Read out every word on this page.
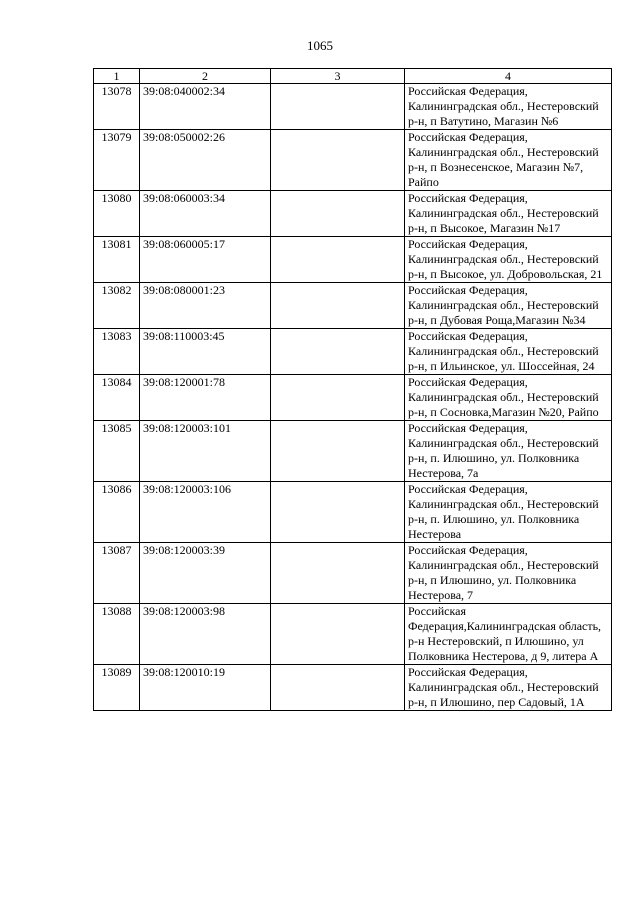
1065
1	2	3	4
13078	39:08:040002:34		Российская Федерация, Калининградская обл., Нестеровский р-н, п Ватутино, Магазин №6
13079	39:08:050002:26		Российская Федерация, Калининградская обл., Нестеровский р-н, п Вознесенское, Магазин №7, Райпо
13080	39:08:060003:34		Российская Федерация, Калининградская обл., Нестеровский р-н, п Высокое, Магазин №17
13081	39:08:060005:17		Российская Федерация, Калининградская обл., Нестеровский р-н, п Высокое, ул. Добровольская, 21
13082	39:08:080001:23		Российская Федерация, Калининградская обл., Нестеровский р-н, п Дубовая Роща,Магазин №34
13083	39:08:110003:45		Российская Федерация, Калининградская обл., Нестеровский р-н, п Ильинское, ул. Шоссейная, 24
13084	39:08:120001:78		Российская Федерация, Калининградская обл., Нестеровский р-н, п Сосновка,Магазин №20, Райпо
13085	39:08:120003:101		Российская Федерация, Калининградская обл., Нестеровский р-н, п. Илюшино, ул. Полковника Нестерова, 7а
13086	39:08:120003:106		Российская Федерация, Калининградская обл., Нестеровский р-н, п. Илюшино, ул. Полковника Нестерова
13087	39:08:120003:39		Российская Федерация, Калининградская обл., Нестеровский р-н, п Илюшино, ул. Полковника Нестерова, 7
13088	39:08:120003:98		Российская Федерация,Калининградская область, р-н Нестеровский, п Илюшино, ул Полковника Нестерова, д 9, литера А
13089	39:08:120010:19		Российская Федерация, Калининградская обл., Нестеровский р-н, п Илюшино, пер Садовый, 1А
